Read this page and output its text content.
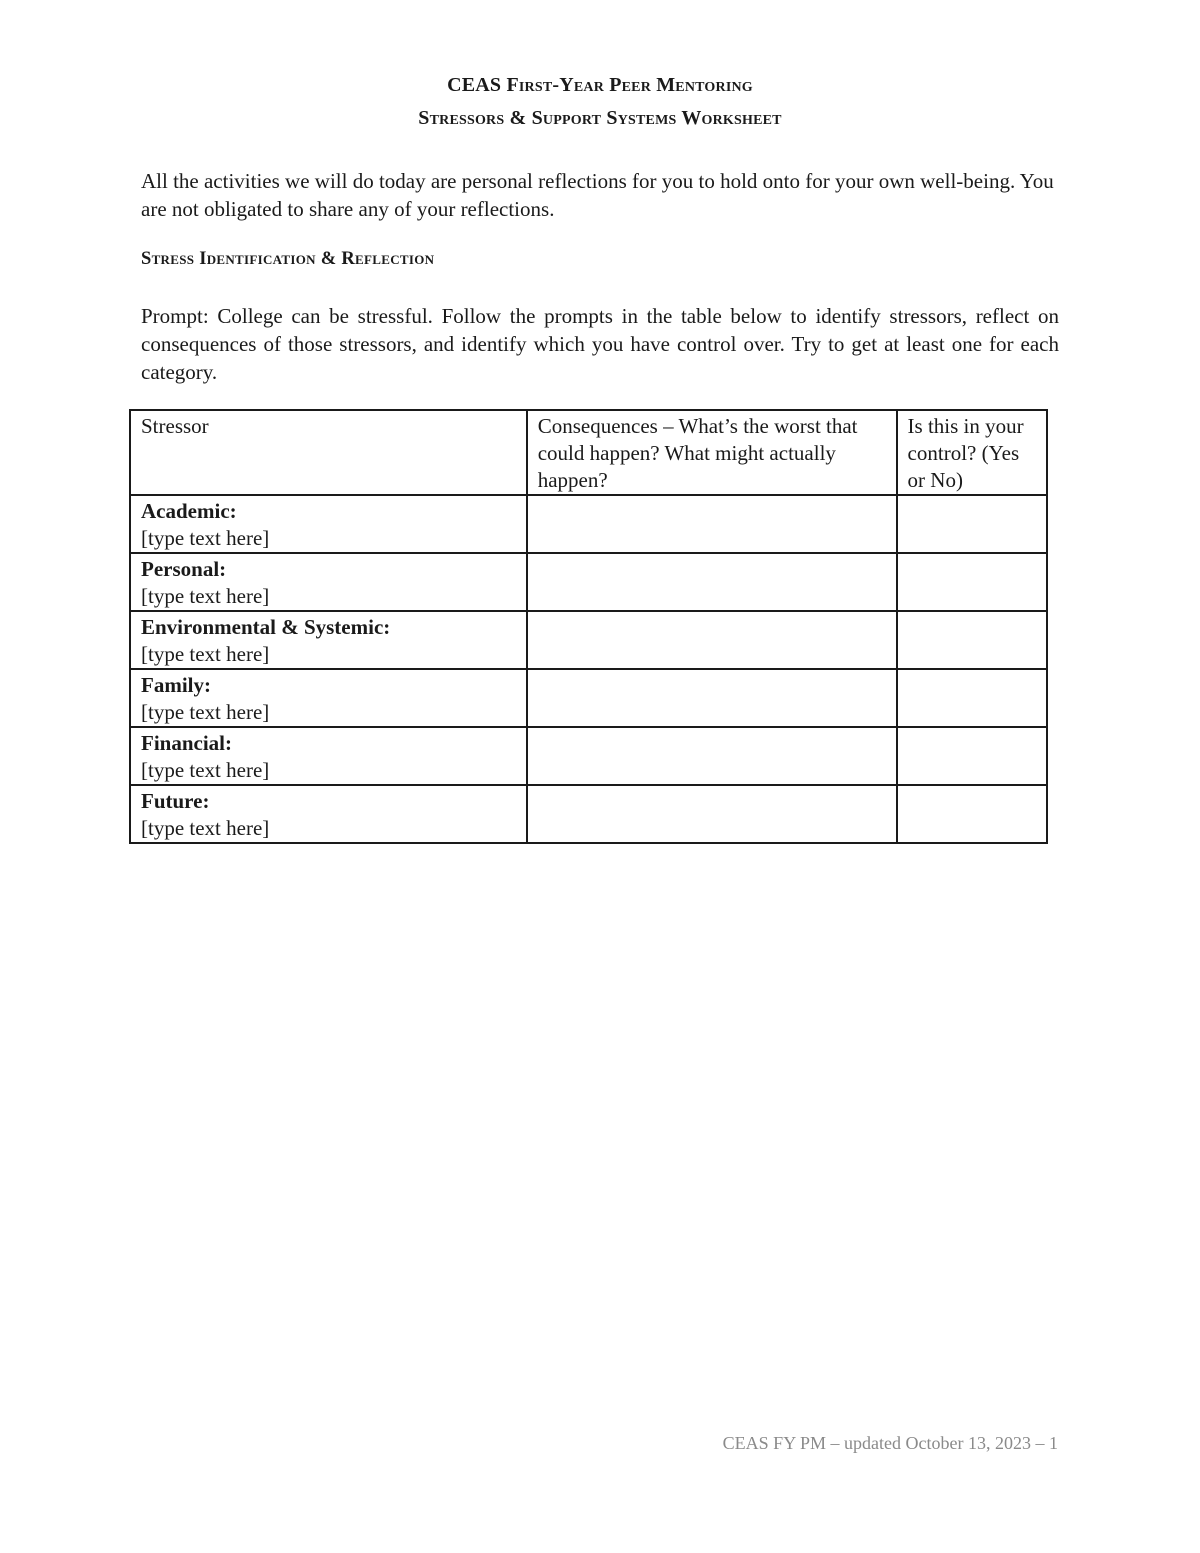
CEAS First-Year Peer Mentoring
Stressors & Support Systems Worksheet

All the activities we will do today are personal reflections for you to hold onto for your own well-being. You are not obligated to share any of your reflections.

Stress Identification & Reflection

Prompt: College can be stressful. Follow the prompts in the table below to identify stressors, reflect on consequences of those stressors, and identify which you have control over. Try to get at least one for each category.

Stressor	Consequences – What’s the worst that could happen? What might actually happen?	Is this in your control? (Yes or No)

Academic:
[type text here]		

Personal:
[type text here]		

Environmental & Systemic:
[type text here]		

Family:
[type text here]		

Financial:
[type text here]		

Future:
[type text here]		

CEAS FY PM – updated October 13, 2023 – 1
